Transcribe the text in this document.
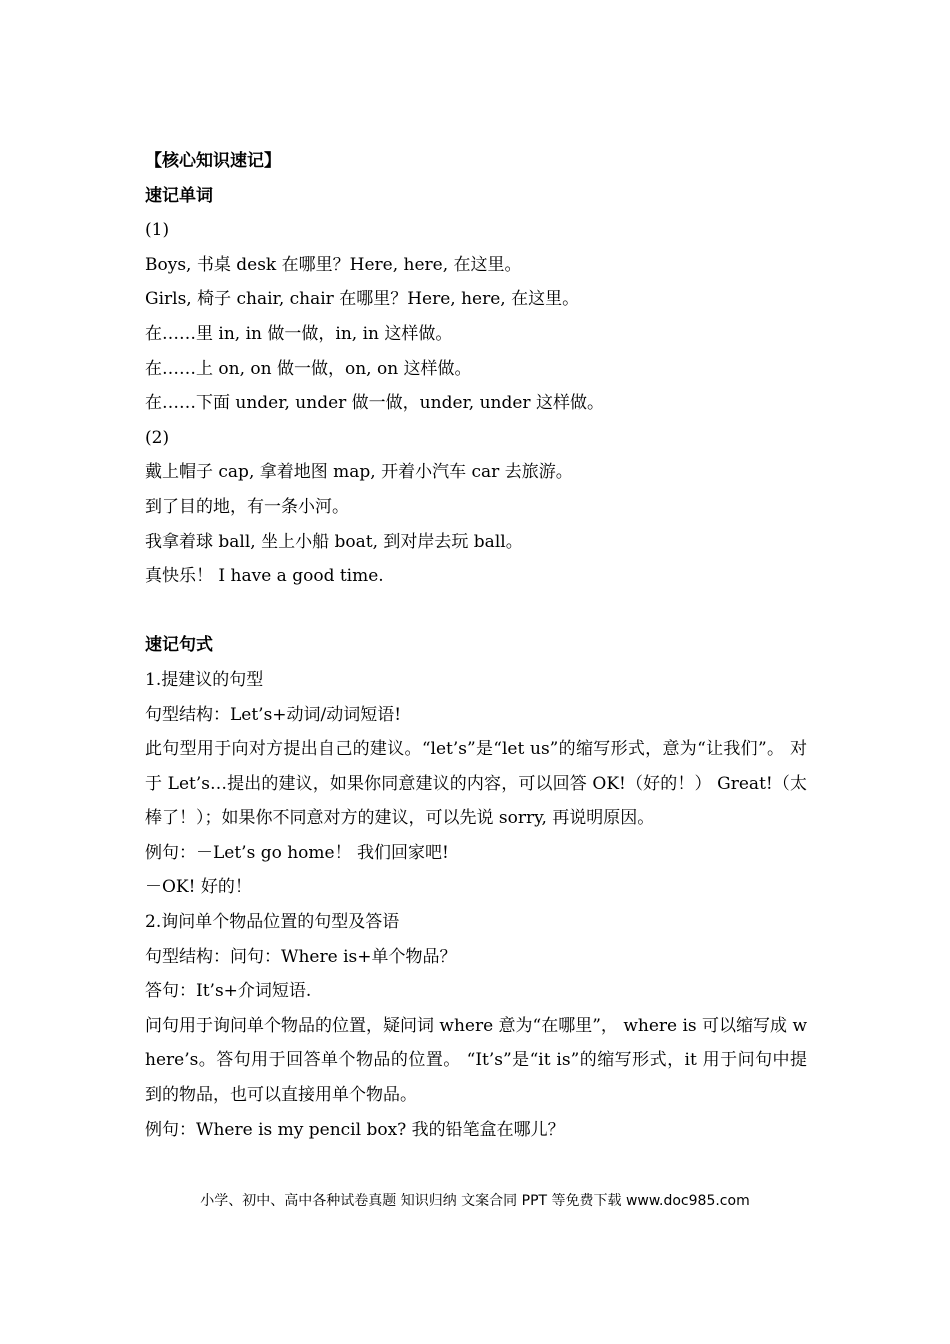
【核心知识速记】
速记单词
(1)
Boys, 书桌 desk 在哪里？Here, here, 在这里。
Girls, 椅子 chair, chair 在哪里？Here, here, 在这里。
在……里 in, in 做一做，in, in 这样做。
在……上 on, on 做一做，on, on 这样做。
在……下面 under, under 做一做，under, under 这样做。
(2)
戴上帽子 cap, 拿着地图 map, 开着小汽车 car 去旅游。
到了目的地，有一条小河。
我拿着球 ball, 坐上小船 boat, 到对岸去玩 ball。
真快乐！ I have a good time.
速记句式
1.提建议的句型
句型结构：Let’s+动词/动词短语!
此句型用于向对方提出自己的建议。“let’s”是“let us”的缩写形式，意为“让我们”。 对于 Let’s…提出的建议，如果你同意建议的内容，可以回答 OK!（好的！） Great!（太棒了！）；如果你不同意对方的建议，可以先说 sorry, 再说明原因。
例句：－Let’s go home！ 我们回家吧!
－OK! 好的！
2.询问单个物品位置的句型及答语
句型结构：问句：Where is+单个物品？
答句：It’s+介词短语.
问句用于询问单个物品的位置，疑问词 where 意为“在哪里”， where is 可以缩写成 where’s。答句用于回答单个物品的位置。 “It’s”是“it is”的缩写形式，it 用于问句中提到的物品，也可以直接用单个物品。
例句：Where is my pencil box? 我的铅笔盒在哪儿？
小学、初中、高中各种试卷真题 知识归纳 文案合同 PPT 等免费下载 www.doc985.com
